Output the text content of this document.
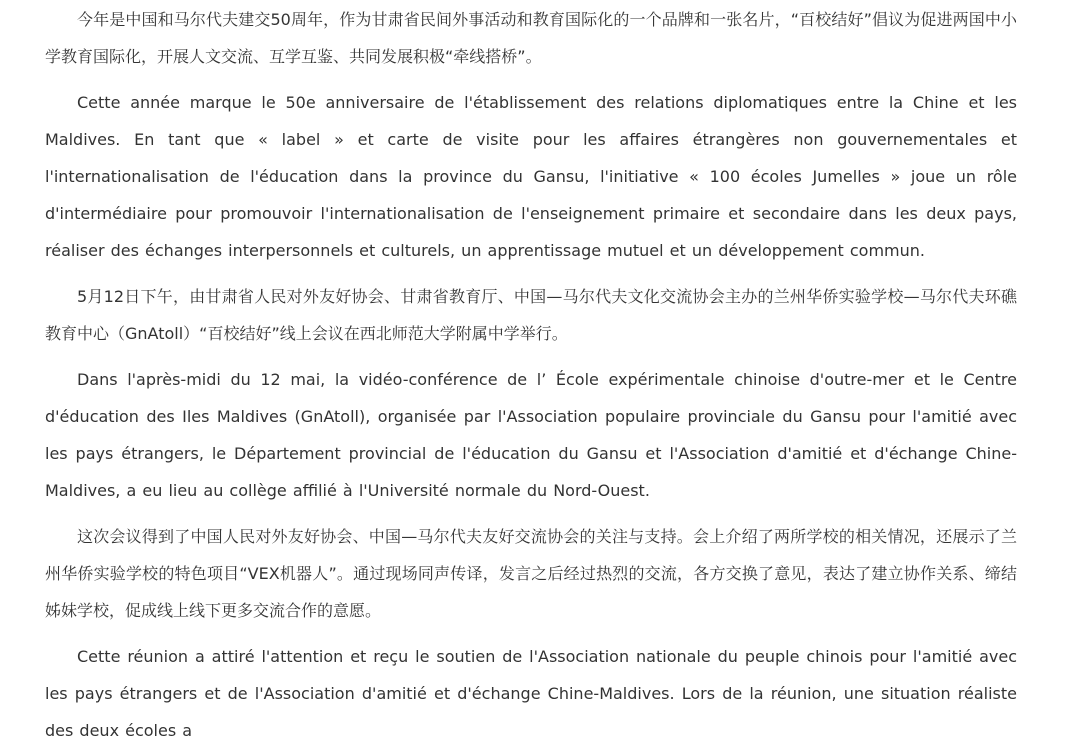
今年是中国和马尔代夫建交50周年，作为甘肃省民间外事活动和教育国际化的一个品牌和一张名片，“百校结好”倡议为促进两国中小学教育国际化，开展人文交流、互学互鉴、共同发展积极“牵线搭桥”。

Cette année marque le 50e anniversaire de l'établissement des relations diplomatiques entre la Chine et les Maldives. En tant que « label » et carte de visite pour les affaires étrangères non gouvernementales et l'internationalisation de l'éducation dans la province du Gansu, l'initiative « 100 écoles Jumelles » joue un rôle d'intermédiaire pour promouvoir l'internationalisation de l'enseignement primaire et secondaire dans les deux pays, réaliser des échanges interpersonnels et culturels, un apprentissage mutuel et un développement commun.

5月12日下午，由甘肃省人民对外友好协会、甘肃省教育厅、中国—马尔代夫文化交流协会主办的兰州华侨实验学校—马尔代夫环礁教育中心（GnAtoll）“百校结好”线上会议在西北师范大学附属中学举行。

Dans l'après-midi du 12 mai, la vidéo-conférence de l’ École expérimentale chinoise d'outre-mer et le Centre d'éducation des Iles Maldives (GnAtoll), organisée par l'Association populaire provinciale du Gansu pour l'amitié avec les pays étrangers, le Département provincial de l'éducation du Gansu et l'Association d'amitié et d'échange Chine-Maldives, a eu lieu au collège affilié à l'Université normale du Nord-Ouest.

这次会议得到了中国人民对外友好协会、中国—马尔代夫友好交流协会的关注与支持。会上介绍了两所学校的相关情况，还展示了兰州华侨实验学校的特色项目“VEX机器人”。通过现场同声传译，发言之后经过热烈的交流，各方交换了意见，表达了建立协作关系、缔结姊妹学校，促成线上线下更多交流合作的意愿。

Cette réunion a attiré l'attention et reçu le soutien de l'Association nationale du peuple chinois pour l'amitié avec les pays étrangers et de l'Association d'amitié et d'échange Chine-Maldives. Lors de la réunion, une situation réaliste des deux écoles a
